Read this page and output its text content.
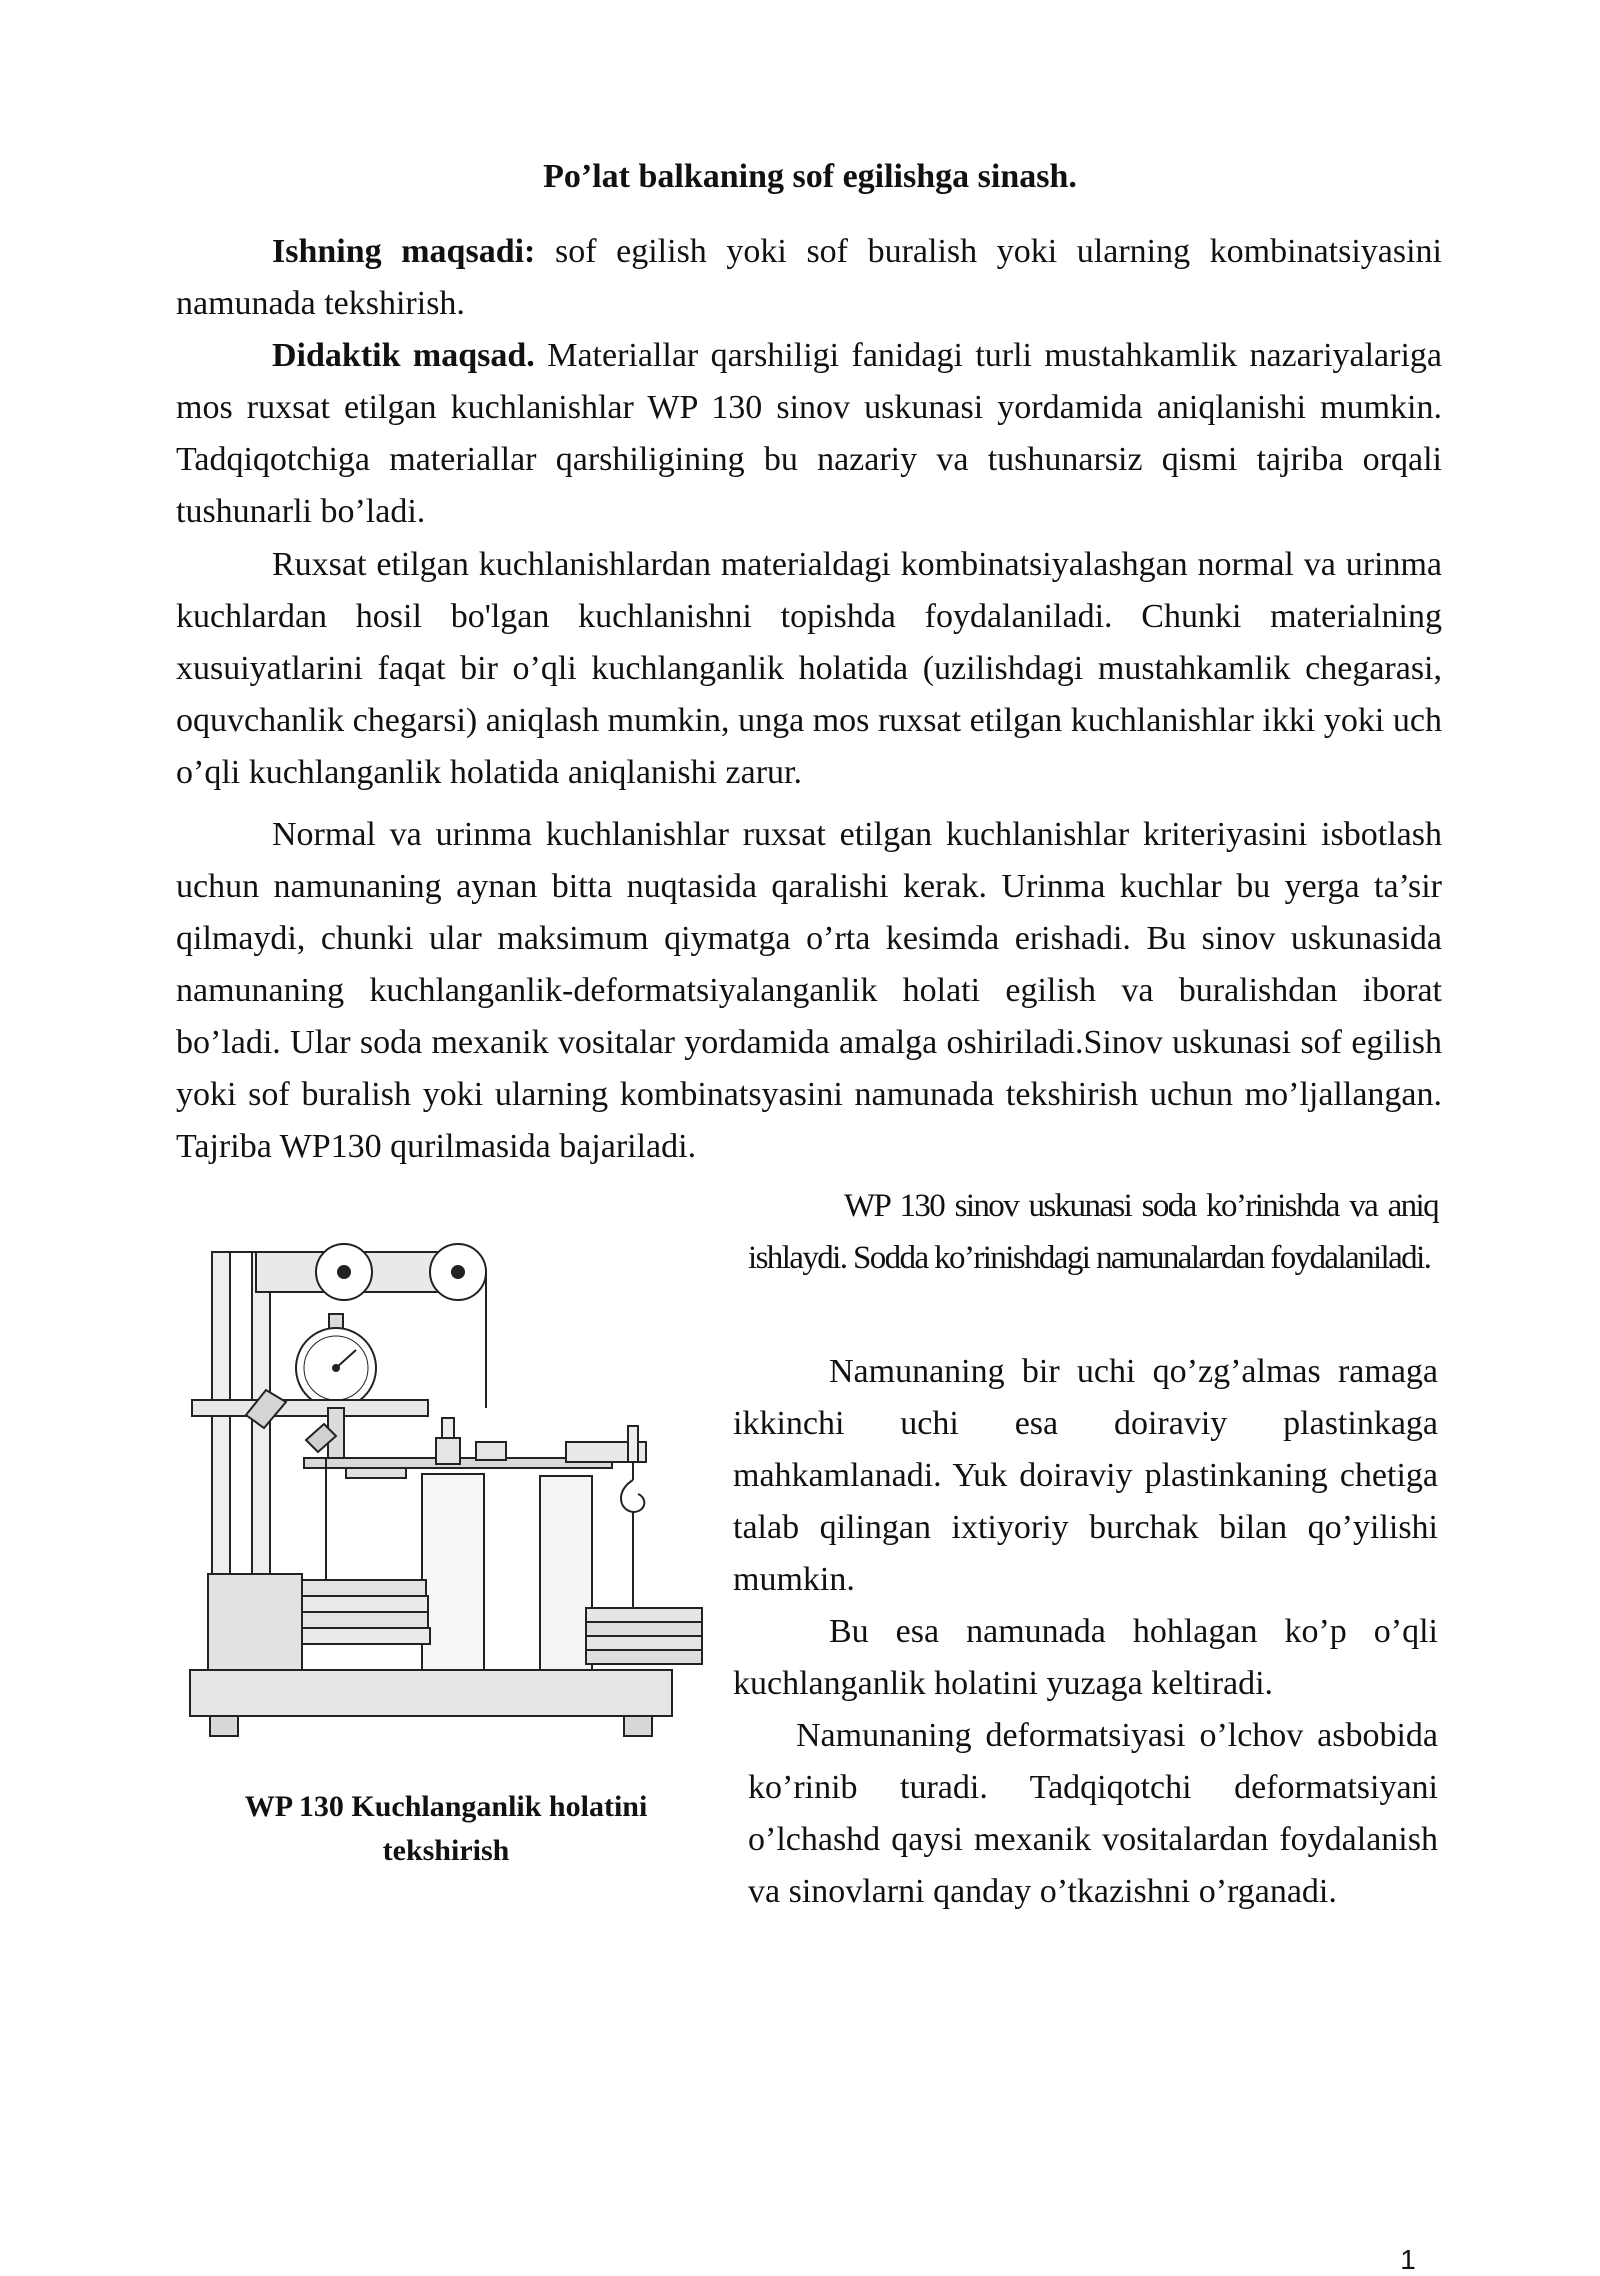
Po’lat balkaning sof egilishga sinash.

Ishning maqsadi: sof egilish yoki sof buralish yoki ularning kombinatsiyasini namunada tekshirish.

Didaktik maqsad. Materiallar qarshiligi fanidagi turli mustahkamlik nazariyalariga mos ruxsat etilgan kuchlanishlar WP 130 sinov uskunasi yordamida aniqlanishi mumkin. Tadqiqotchiga materiallar qarshiligining bu nazariy va tushunarsiz qismi tajriba orqali tushunarli bo’ladi.

Ruxsat etilgan kuchlanishlardan materialdagi kombinatsiyalashgan normal va urinma kuchlardan hosil bo'lgan kuchlanishni topishda foydalaniladi. Chunki materialning xusuiyatlarini faqat bir o’qli kuchlanganlik holatida (uzilishdagi mustahkamlik chegarasi, oquvchanlik chegarsi) aniqlash mumkin, unga mos ruxsat etilgan kuchlanishlar ikki yoki uch o’qli kuchlanganlik holatida aniqlanishi zarur.

Normal va urinma kuchlanishlar ruxsat etilgan kuchlanishlar kriteriyasini isbotlash uchun namunaning aynan bitta nuqtasida qaralishi kerak. Urinma kuchlar bu yerga ta’sir qilmaydi, chunki ular maksimum qiymatga o’rta kesimda erishadi. Bu sinov uskunasida namunaning kuchlanganlik-deformatsiyalanganlik holati egilish va buralishdan iborat bo’ladi. Ular soda mexanik vositalar yordamida amalga oshiriladi.Sinov uskunasi sof egilish yoki sof buralish yoki ularning kombinatsyasini namunada tekshirish uchun mo’ljallangan. Tajriba WP130 qurilmasida bajariladi.

WP 130 Kuchlanganlik holatini tekshirish

WP 130 sinov uskunasi soda ko’rinishda va aniq ishlaydi. Sodda ko’rinishdagi namunalardan foydalaniladi.

Namunaning bir uchi qo’zg’almas ramaga ikkinchi uchi esa doiraviy plastinkaga mahkamlanadi. Yuk doiraviy plastinkaning chetiga talab qilingan ixtiyoriy burchak bilan qo’yilishi mumkin.

Bu esa namunada hohlagan ko’p o’qli kuchlanganlik holatini yuzaga keltiradi.

Namunaning deformatsiyasi o’lchov asbobida ko’rinib turadi. Tadqiqotchi deformatsiyani o’lchashd qaysi mexanik vositalardan foydalanish va sinovlarni qanday o’tkazishni o’rganadi.

1
